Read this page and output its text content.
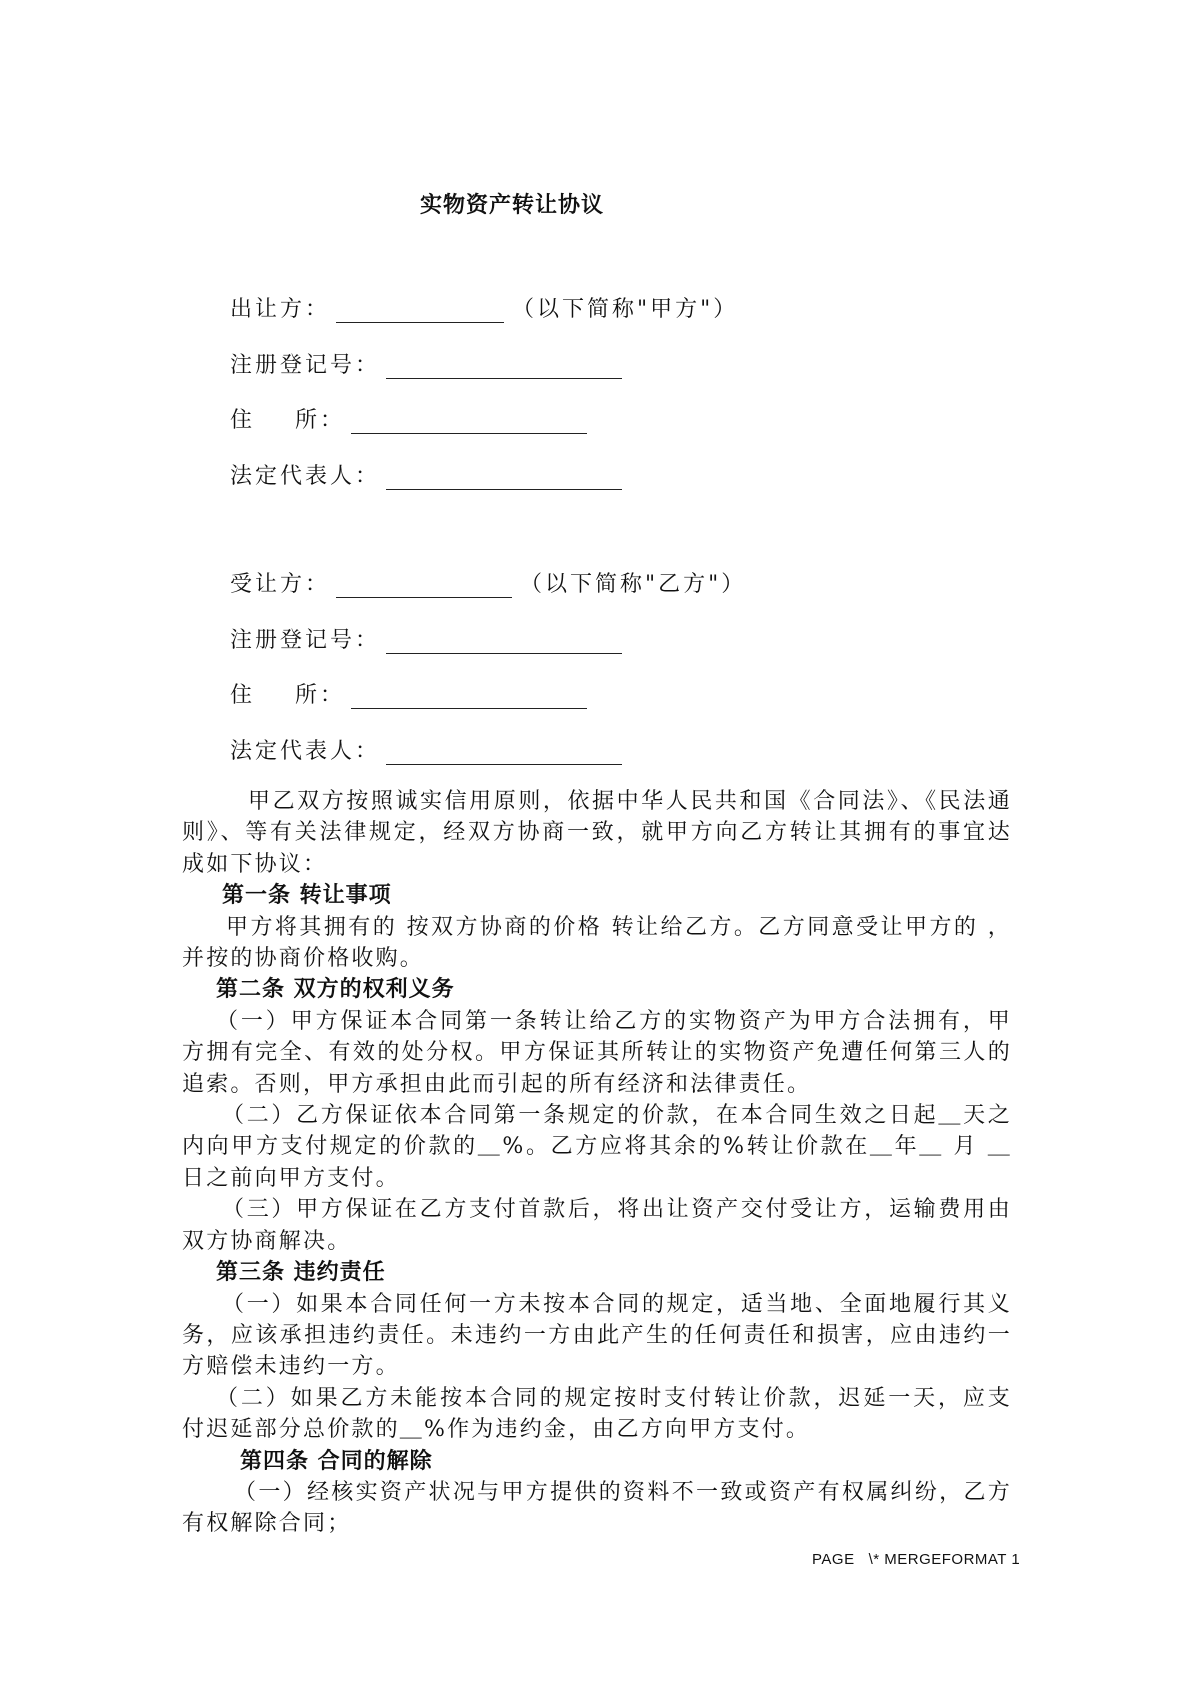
实物资产转让协议
出让方：	（以下简称"甲方"）
注册登记号：
住    所：
法定代表人：
受让方：	（以下简称"乙方"）
注册登记号：
住    所：
法定代表人：

甲乙双方按照诚实信用原则，依据中华人民共和国《合同法》、《民法通则》、等有关法律规定，经双方协商一致，就甲方向乙方转让其拥有的事宜达成如下协议：

第一条 转让事项

甲方将其拥有的 按双方协商的价格 转让给乙方。乙方同意受让甲方的 ，并按的协商价格收购。

第二条 双方的权利义务

（一）甲方保证本合同第一条转让给乙方的实物资产为甲方合法拥有，甲方拥有完全、有效的处分权。甲方保证其所转让的实物资产免遭任何第三人的追索。否则，甲方承担由此而引起的所有经济和法律责任。

（二）乙方保证依本合同第一条规定的价款，在本合同生效之日起＿天之内向甲方支付规定的价款的＿%。乙方应将其余的%转让价款在＿年＿ 月 ＿日之前向甲方支付。

（三）甲方保证在乙方支付首款后，将出让资产交付受让方，运输费用由双方协商解决。

第三条 违约责任

（一）如果本合同任何一方未按本合同的规定，适当地、全面地履行其义务，应该承担违约责任。未违约一方由此产生的任何责任和损害，应由违约一方赔偿未违约一方。

（二）如果乙方未能按本合同的规定按时支付转让价款，迟延一天，应支付迟延部分总价款的＿%作为违约金，由乙方向甲方支付。

第四条 合同的解除

（一）经核实资产状况与甲方提供的资料不一致或资产有权属纠纷，乙方有权解除合同；

PAGE   \* MERGEFORMAT 1
